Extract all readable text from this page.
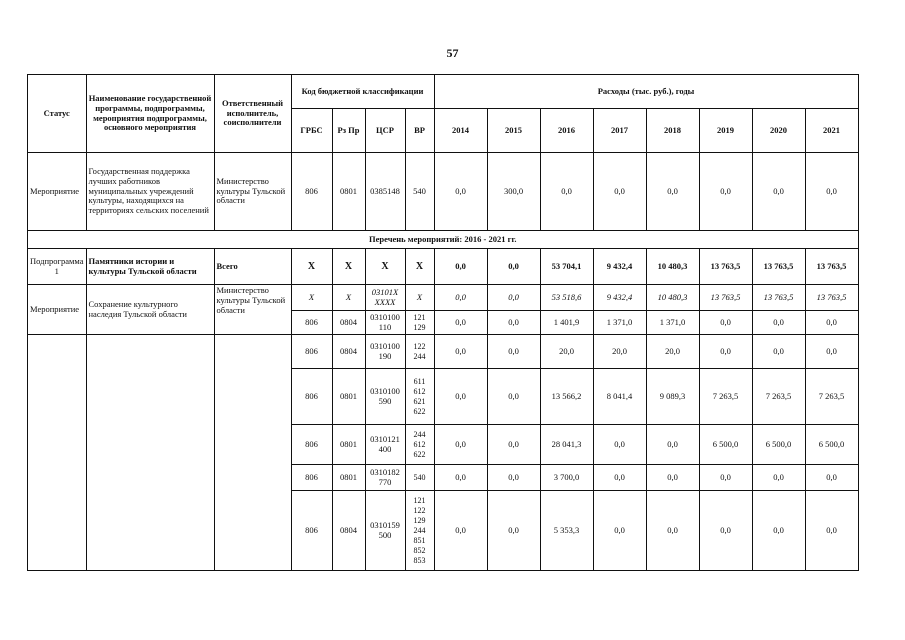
57
Статус	Наименование государственной программы, подпрограммы, мероприятия подпрограммы, основного мероприятия	Ответственный исполнитель, соисполнители	Код бюджетной классификации				Расходы (тыс. руб.), годы							
			ГРБС	Рз Пр	ЦСР	ВР	2014	2015	2016	2017	2018	2019	2020	2021
Мероприятие	Государственная поддержка лучших работников муниципальных учреждений культуры, находящихся на территориях сельских поселений	Министерство культуры Тульской области	806	0801	0385148	540	0,0	300,0	0,0	0,0	0,0	0,0	0,0	0,0
Перечень мероприятий: 2016 - 2021 гг.														
Подпрограмма 1	Памятники истории и культуры Тульской области	Всего	X	X	X	X	0,0	0,0	53 704,1	9 432,4	10 480,3	13 763,5	13 763,5	13 763,5
Мероприятие	Сохранение культурного наследия Тульской области	Министерство культуры Тульской области	X	X	03101X XXXX	X	0,0	0,0	53 518,6	9 432,4	10 480,3	13 763,5	13 763,5	13 763,5
			806	0804	0310100 110	121 129	0,0	0,0	1 401,9	1 371,0	1 371,0	0,0	0,0	0,0
			806	0804	0310100 190	122 244	0,0	0,0	20,0	20,0	20,0	0,0	0,0	0,0
			806	0801	0310100 590	611 612 621 622	0,0	0,0	13 566,2	8 041,4	9 089,3	7 263,5	7 263,5	7 263,5
			806	0801	0310121 400	244 612 622	0,0	0,0	28 041,3	0,0	0,0	6 500,0	6 500,0	6 500,0
			806	0801	0310182 770	540	0,0	0,0	3 700,0	0,0	0,0	0,0	0,0	0,0
			806	0804	0310159 500	121 122 129 244 851 852 853	0,0	0,0	5 353,3	0,0	0,0	0,0	0,0	0,0
